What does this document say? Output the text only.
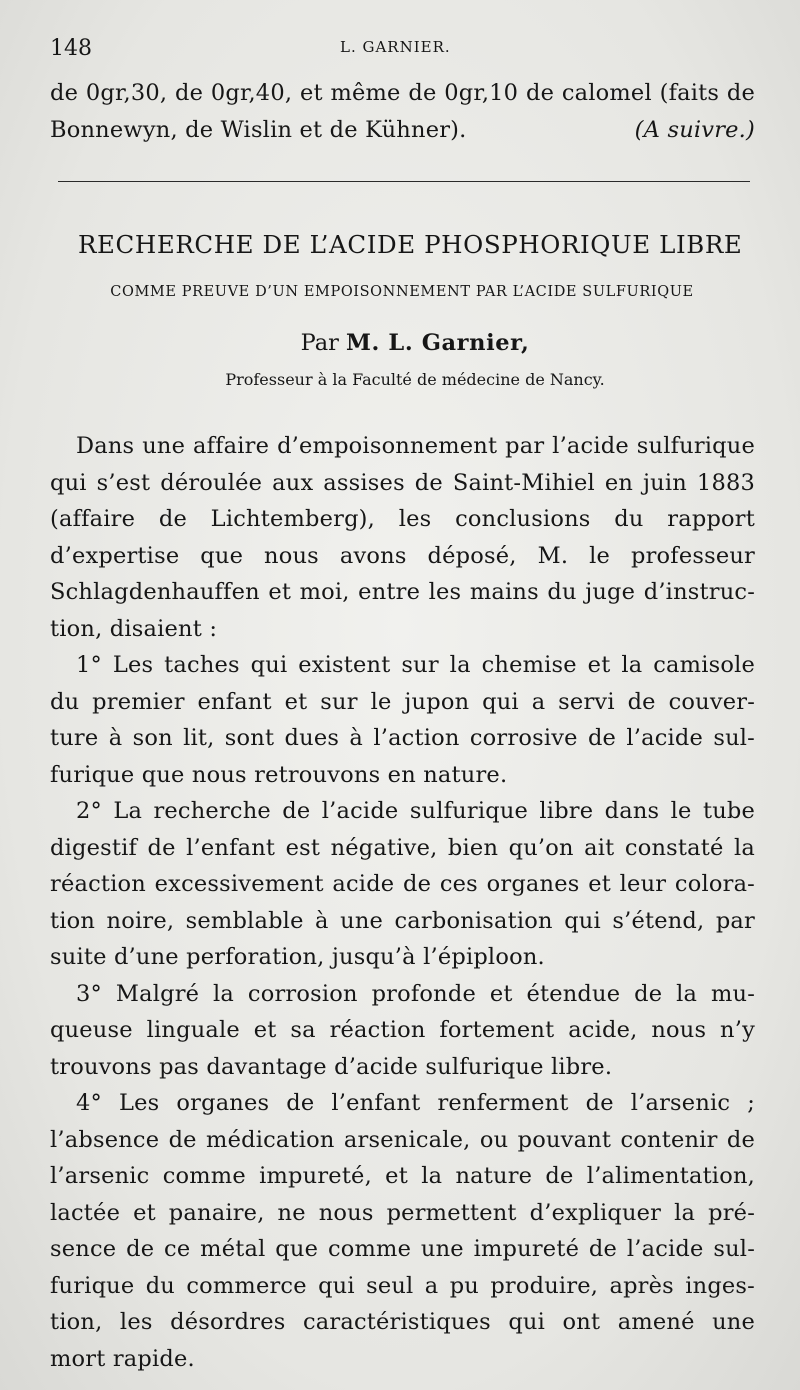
148	L. GARNIER.
de 0gr,30, de 0gr,40, et même de 0gr,10 de calomel (faits de
Bonnewyn, de Wislin et de Kühner).	(A suivre.)
RECHERCHE DE L’ACIDE PHOSPHORIQUE LIBRE
COMME PREUVE D’UN EMPOISONNEMENT PAR L’ACIDE SULFURIQUE
Par M. L. Garnier,
Professeur à la Faculté de médecine de Nancy.
Dans une affaire d’empoisonnement par l’acide sulfurique
qui s’est déroulée aux assises de Saint-Mihiel en juin 1883
(affaire de Lichtemberg), les conclusions du rapport
d’expertise que nous avons déposé, M. le professeur
Schlagdenhauffen et moi, entre les mains du juge d’instruc-
tion, disaient :
1° Les taches qui existent sur la chemise et la camisole
du premier enfant et sur le jupon qui a servi de couver-
ture à son lit, sont dues à l’action corrosive de l’acide sul-
furique que nous retrouvons en nature.
2° La recherche de l’acide sulfurique libre dans le tube
digestif de l’enfant est négative, bien qu’on ait constaté la
réaction excessivement acide de ces organes et leur colora-
tion noire, semblable à une carbonisation qui s’étend, par
suite d’une perforation, jusqu’à l’épiploon.
3° Malgré la corrosion profonde et étendue de la mu-
queuse linguale et sa réaction fortement acide, nous n’y
trouvons pas davantage d’acide sulfurique libre.
4° Les organes de l’enfant renferment de l’arsenic ;
l’absence de médication arsenicale, ou pouvant contenir de
l’arsenic comme impureté, et la nature de l’alimentation,
lactée et panaire, ne nous permettent d’expliquer la pré-
sence de ce métal que comme une impureté de l’acide sul-
furique du commerce qui seul a pu produire, après inges-
tion, les désordres caractéristiques qui ont amené une
mort rapide.
